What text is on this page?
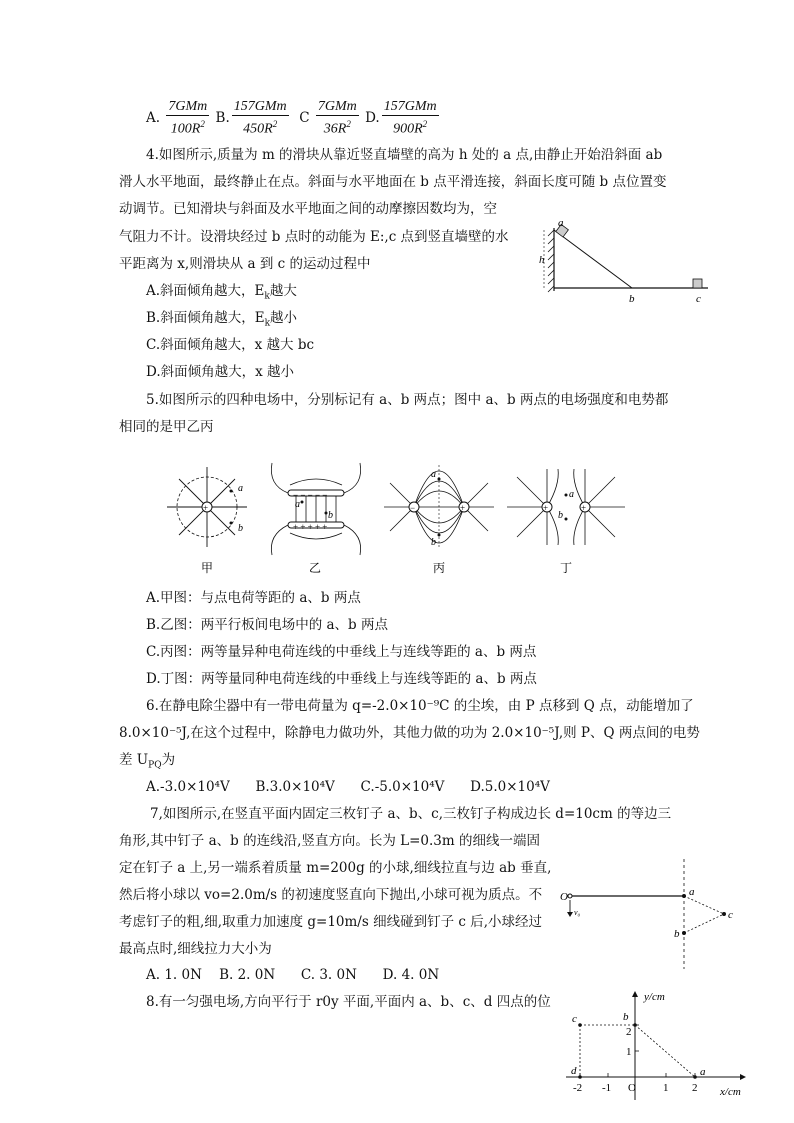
A. $\frac{\text{7GMm}}{100R^2} B$. $\frac{\text{157GMm}}{450R^2}$ C $\frac{\text{7GMm}}{36R^2} D$. $\frac{\text{157GMm}}{900R^2}$
4.如图所示,质量为 m 的滑块从靠近竖直墙壁的高为 h 处的 a 点,由静止开始沿斜面 ab
滑人水平地面，最终静止在点。斜面与水平地面在 b 点平滑连接，斜面长度可随 b 点位置变
动调节。已知滑块与斜面及水平地面之间的动摩擦因数均为，空
气阻力不计。设滑块经过 b 点时的动能为 E:,c 点到竖直墙壁的水
平距离为 x,则滑块从 a 到 c 的运动过程中
A.斜面倾角越大，$E_k$越大
B.斜面倾角越大，$E_k$越小
C.斜面倾角越大，x 越大 bc
D.斜面倾角越大，x 越小
a
h
b	c
5.如图所示的四种电场中，分别标记有 a、b 两点；图中 a、b 两点的电场强度和电势都
相同的是甲乙丙
+
a
b	+ + + + +
− − − − −
a
b
−	+
a
b
+	+
a
b
甲	乙	丙	丁
A.甲图：与点电荷等距的 a、b 两点
B.乙图：两平行板间电场中的 a、b 两点
C.丙图：两等量异种电荷连线的中垂线上与连线等距的 a、b 两点
D.丁图：两等量同种电荷连线的中垂线上与连线等距的 a、b 两点
6.在静电除尘器中有一带电荷量为 q=-2.0×10⁻⁹C 的尘埃，由 P 点移到 Q 点，动能增加了
8.0×10⁻⁵J,在这个过程中，除静电力做功外，其他力做的功为 2.0×10⁻⁵J,则 P、Q 两点间的电势
差 $U_{PQ}$为
A.-3.0×10⁴V      B.3.0×10⁴V      C.-5.0×10⁴V      D.5.0×10⁴V
7,如图所示,在竖直平面内固定三枚钉子 a、b、c,三枚钉子构成边长 d=10cm 的等边三
角形,其中钉子 a、b 的连线沿,竖直方向。长为 L=0.3m 的细线一端固
定在钉子 a 上,另一端系着质量 m=200g 的小球,细线拉直与边 ab 垂直,
然后将小球以 vo=2.0m/s 的初速度竖直向下抛出,小球可视为质点。不
考虑钉子的粗,细,取重力加速度 g=10m/s 细线碰到钉子 c 后,小球经过
最高点时,细线拉力大小为
A. 1. 0N    B. 2. 0N      C. 3. 0N      D. 4. 0N
O
v₀
a
b
c
8.有一匀强电场,方向平行于 r0y 平面,平面内 a、b、c、d 四点的位	y/cm
x/cm
c	b
d	a
O
2
1
-2 -1	1 2
